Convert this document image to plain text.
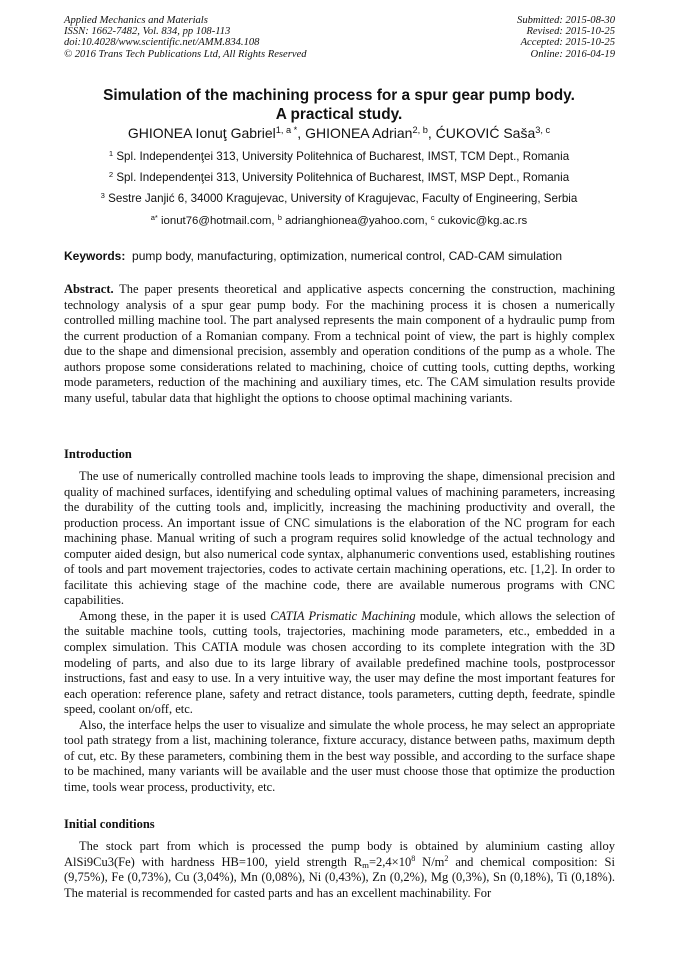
Applied Mechanics and Materials
ISSN: 1662-7482, Vol. 834, pp 108-113
doi:10.4028/www.scientific.net/AMM.834.108
© 2016 Trans Tech Publications Ltd, All Rights Reserved
Submitted: 2015-08-30
Revised: 2015-10-25
Accepted: 2015-10-25
Online: 2016-04-19
Simulation of the machining process for a spur gear pump body.
A practical study.
GHIONEA Ionuţ Gabriel$^{1, a *}$, GHIONEA Adrian$^{2, b}$, ĆUKOVIĆ Saša$^{3, c}$
$^1$ Spl. Independenţei 313, University Politehnica of Bucharest, IMST, TCM Dept., Romania
$^2$ Spl. Independenţei 313, University Politehnica of Bucharest, IMST, MSP Dept., Romania
$^3$ Sestre Janjić 6, 34000 Kragujevac, University of Kragujevac, Faculty of Engineering, Serbia
$^{a*}$ ionut76@hotmail.com, $^b$ adrianghionea@yahoo.com, $^c$ cukovic@kg.ac.rs
Keywords: pump body, manufacturing, optimization, numerical control, CAD-CAM simulation

Abstract. The paper presents theoretical and applicative aspects concerning the construction, machining technology analysis of a spur gear pump body. For the machining process it is chosen a numerically controlled milling machine tool. The part analysed represents the main component of a hydraulic pump from the current production of a Romanian company. From a technical point of view, the part is highly complex due to the shape and dimensional precision, assembly and operation conditions of the pump as a whole. The authors propose some considerations related to machining, choice of cutting tools, cutting depths, working mode parameters, reduction of the machining and auxiliary times, etc. The CAM simulation results provide many useful, tabular data that highlight the options to choose optimal machining variants.

Introduction

The use of numerically controlled machine tools leads to improving the shape, dimensional precision and quality of machined surfaces, identifying and scheduling optimal values of machining parameters, increasing the durability of the cutting tools and, implicitly, increasing the machining productivity and overall, the production process. An important issue of CNC simulations is the elaboration of the NC program for each machining phase. Manual writing of such a program requires solid knowledge of the actual technology and computer aided design, but also numerical code syntax, alphanumeric conventions used, establishing routines of tools and part movement trajectories, codes to activate certain machining operations, etc. [1,2]. In order to facilitate this achieving stage of the machine code, there are available numerous programs with CNC capabilities.

Among these, in the paper it is used CATIA Prismatic Machining module, which allows the selection of the suitable machine tools, cutting tools, trajectories, machining mode parameters, etc., embedded in a complex simulation. This CATIA module was chosen according to its complete integration with the 3D modeling of parts, and also due to its large library of available predefined machine tools, postprocessor instructions, fast and easy to use. In a very intuitive way, the user may define the most important features for each operation: reference plane, safety and retract distance, tools parameters, cutting depth, feedrate, spindle speed, coolant on/off, etc.

Also, the interface helps the user to visualize and simulate the whole process, he may select an appropriate tool path strategy from a list, machining tolerance, fixture accuracy, distance between paths, maximum depth of cut, etc. By these parameters, combining them in the best way possible, and according to the surface shape to be machined, many variants will be available and the user must choose those that optimize the production time, tools wear process, productivity, etc.

Initial conditions

The stock part from which is processed the pump body is obtained by aluminium casting alloy AlSi9Cu3(Fe) with hardness HB=100, yield strength $R_m=2,4\times 10^8$ $N/m^2$ and chemical composition: Si (9,75%), Fe (0,73%), Cu (3,04%), Mn (0,08%), Ni (0,43%), Zn (0,2%), Mg (0,3%), Sn (0,18%), Ti (0,18%). The material is recommended for casted parts and has an excellent machinability. For
